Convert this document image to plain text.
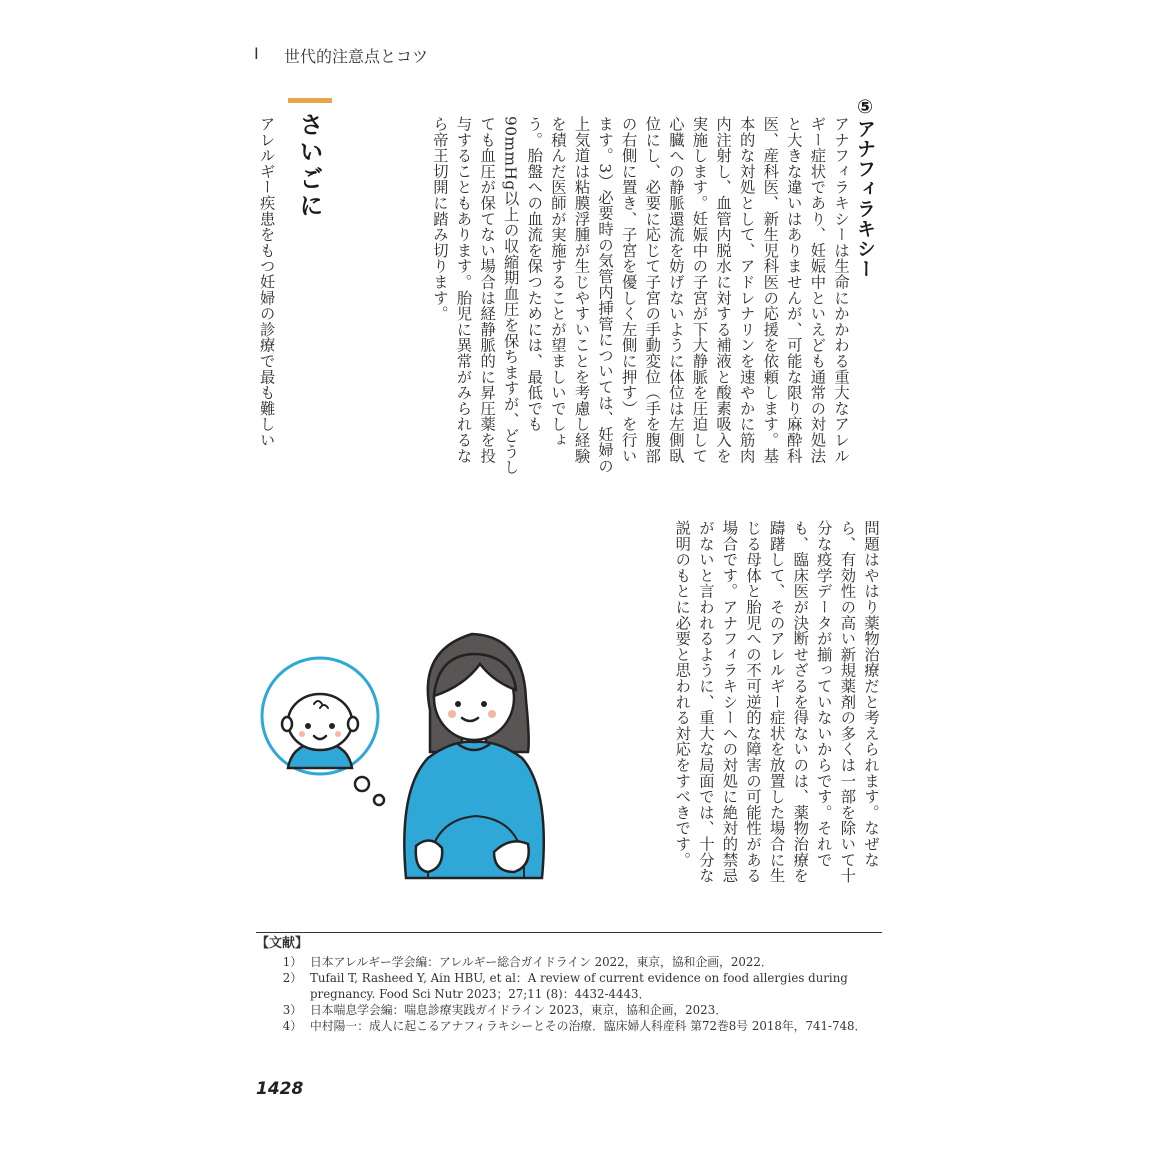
I 世代的注意点とコツ
⑤アナフィラキシー
アナフィラキシーは生命にかかわる重大なアレルギー症状であり、妊娠中といえども通常の対処法と大きな違いはありませんが、可能な限り麻酔科医、産科医、新生児科医の応援を依頼します。基本的な対処として、アドレナリンを速やかに筋肉内注射し、血管内脱水に対する補液と酸素吸入を実施します。妊娠中の子宮が下大静脈を圧迫して心臓への静脈還流を妨げないように体位は左側臥位にし、必要に応じて子宮の手動変位（手を腹部の右側に置き、子宮を優しく左側に押す）を行います。3）必要時の気管内挿管については、妊婦の上気道は粘膜浮腫が生じやすいことを考慮し経験を積んだ医師が実施することが望ましいでしょう。胎盤への血流を保つためには、最低でも90mmHg以上の収縮期血圧を保ちますが、どうしても血圧が保てない場合は経静脈的に昇圧薬を投与することもあります。胎児に異常がみられるなら帝王切開に踏み切ります。
さいごに
アレルギー疾患をもつ妊婦の診療で最も難しい
問題はやはり薬物治療だと考えられます。なぜなら、有効性の高い新規薬剤の多くは一部を除いて十分な疫学データが揃っていないからです。それでも、臨床医が決断せざるを得ないのは、薬物治療を躊躇して、そのアレルギー症状を放置した場合に生じる母体と胎児への不可逆的な障害の可能性がある場合です。アナフィラキシーへの対処に絶対的禁忌がないと言われるように、重大な局面では、十分な説明のもとに必要と思われる対応をすべきです。
【文献】
1） 日本アレルギー学会編：アレルギー総合ガイドライン 2022，東京，協和企画，2022．
2） Tufail T, Rasheed Y, Ain HBU, et al：A review of current evidence on food allergies during pregnancy. Food Sci Nutr 2023；27;11 (8)：4432-4443．
3） 日本喘息学会編：喘息診療実践ガイドライン 2023，東京，協和企画，2023．
4） 中村陽一：成人に起こるアナフィラキシーとその治療．臨床婦人科産科 第72巻8号 2018年，741-748．
1428
